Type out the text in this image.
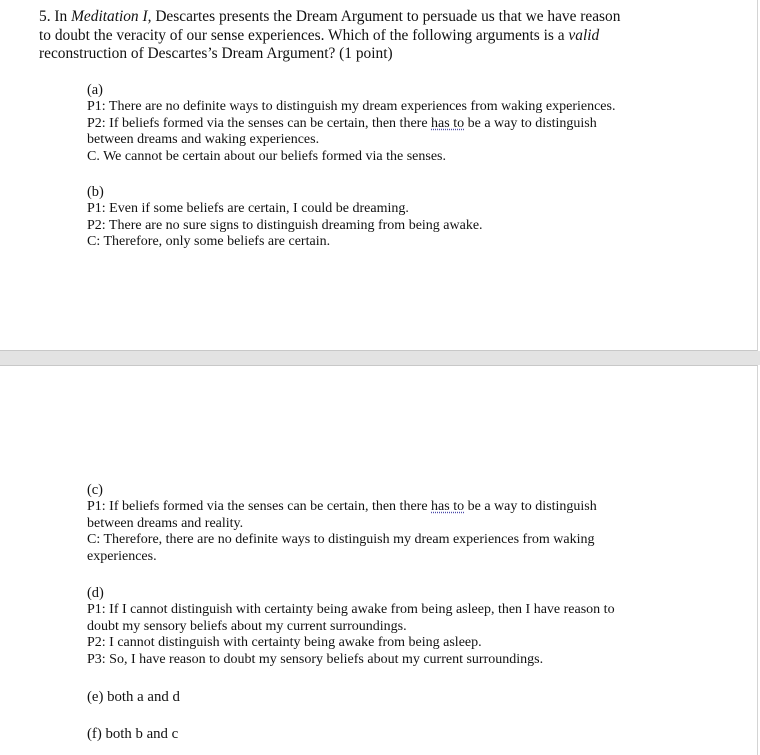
5. In Meditation I, Descartes presents the Dream Argument to persuade us that we have reason
to doubt the veracity of our sense experiences. Which of the following arguments is a valid
reconstruction of Descartes’s Dream Argument? (1 point)
(a)
P1: There are no definite ways to distinguish my dream experiences from waking experiences.
P2: If beliefs formed via the senses can be certain, then there has to be a way to distinguish
between dreams and waking experiences.
C. We cannot be certain about our beliefs formed via the senses.
(b)
P1: Even if some beliefs are certain, I could be dreaming.
P2: There are no sure signs to distinguish dreaming from being awake.
C: Therefore, only some beliefs are certain.
(c)
P1: If beliefs formed via the senses can be certain, then there has to be a way to distinguish
between dreams and reality.
C: Therefore, there are no definite ways to distinguish my dream experiences from waking
experiences.
(d)
P1: If I cannot distinguish with certainty being awake from being asleep, then I have reason to
doubt my sensory beliefs about my current surroundings.
P2: I cannot distinguish with certainty being awake from being asleep.
P3: So, I have reason to doubt my sensory beliefs about my current surroundings.
(e) both a and d
(f) both b and c
